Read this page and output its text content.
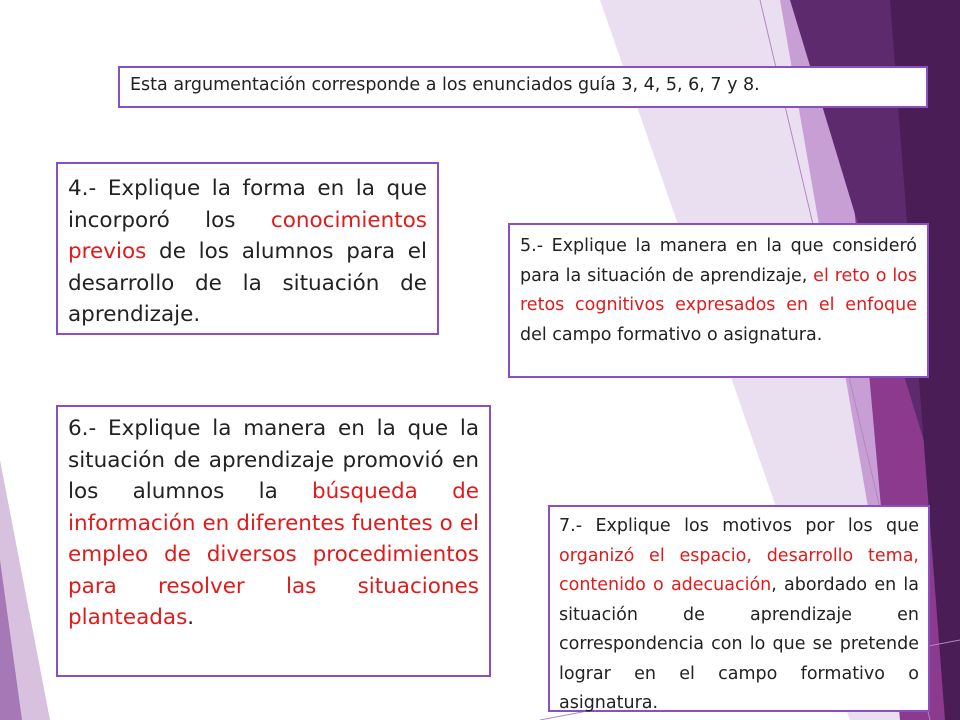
Esta argumentación corresponde a los enunciados guía 3, 4, 5, 6, 7 y 8.

4.- Explique la forma en la que incorporó los conocimientos previos de los alumnos para el desarrollo de la situación de aprendizaje.

5.- Explique la manera en la que consideró para la situación de aprendizaje, el reto o los retos cognitivos expresados en el enfoque del campo formativo o asignatura.

6.- Explique la manera en la que la situación de aprendizaje promovió en los alumnos la búsqueda de información en diferentes fuentes o el empleo de diversos procedimientos para resolver las situaciones planteadas.

7.- Explique los motivos por los que organizó el espacio, desarrollo tema, contenido o adecuación, abordado en la situación de aprendizaje en correspondencia con lo que se pretende lograr en el campo formativo o asignatura.
